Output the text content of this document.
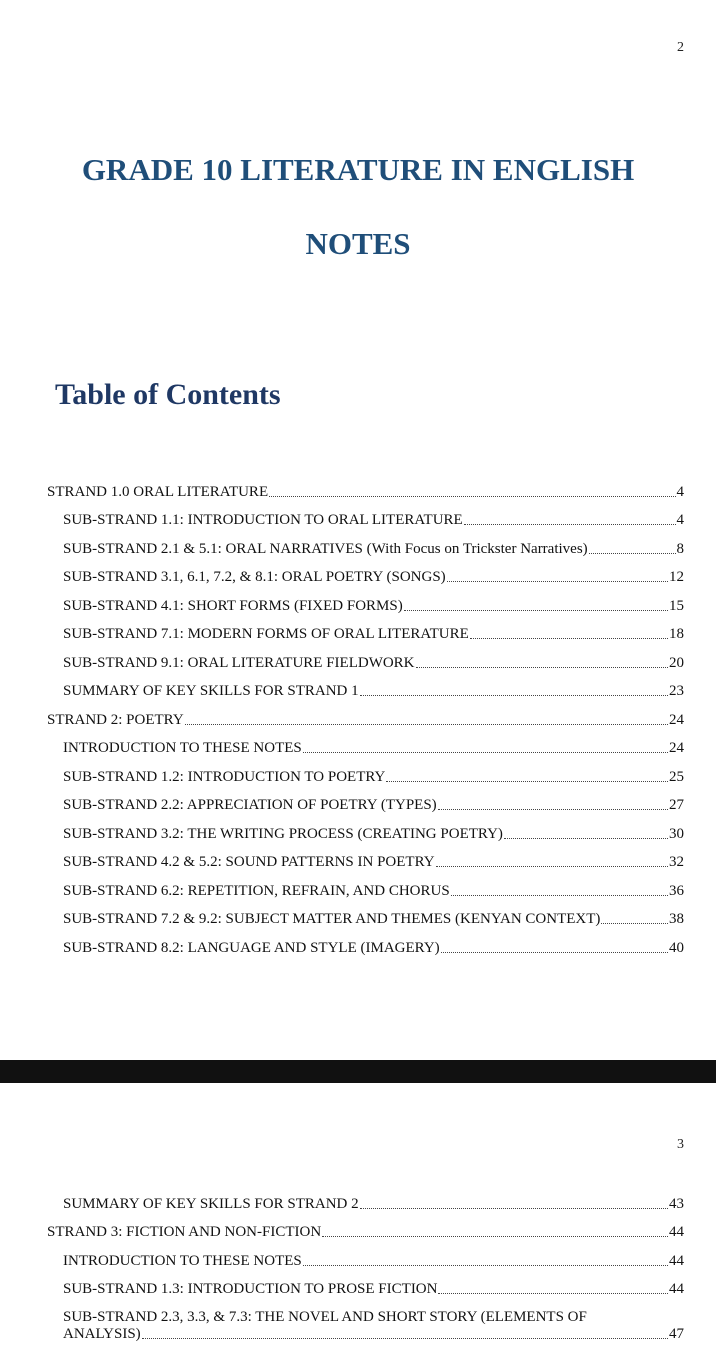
2
GRADE 10 LITERATURE IN ENGLISH
NOTES
Table of Contents
STRAND 1.0 ORAL LITERATURE	4
SUB-STRAND 1.1: INTRODUCTION TO ORAL LITERATURE	4
SUB-STRAND 2.1 & 5.1: ORAL NARRATIVES (With Focus on Trickster Narratives)	8
SUB-STRAND 3.1, 6.1, 7.2, & 8.1: ORAL POETRY (SONGS)	12
SUB-STRAND 4.1: SHORT FORMS (FIXED FORMS)	15
SUB-STRAND 7.1: MODERN FORMS OF ORAL LITERATURE	18
SUB-STRAND 9.1: ORAL LITERATURE FIELDWORK	20
SUMMARY OF KEY SKILLS FOR STRAND 1	23
STRAND 2: POETRY	24
INTRODUCTION TO THESE NOTES	24
SUB-STRAND 1.2: INTRODUCTION TO POETRY	25
SUB-STRAND 2.2: APPRECIATION OF POETRY (TYPES)	27
SUB-STRAND 3.2: THE WRITING PROCESS (CREATING POETRY)	30
SUB-STRAND 4.2 & 5.2: SOUND PATTERNS IN POETRY	32
SUB-STRAND 6.2: REPETITION, REFRAIN, AND CHORUS	36
SUB-STRAND 7.2 & 9.2: SUBJECT MATTER AND THEMES (KENYAN CONTEXT)	38
SUB-STRAND 8.2: LANGUAGE AND STYLE (IMAGERY)	40
3
SUMMARY OF KEY SKILLS FOR STRAND 2	43
STRAND 3: FICTION AND NON-FICTION	44
INTRODUCTION TO THESE NOTES	44
SUB-STRAND 1.3: INTRODUCTION TO PROSE FICTION	44
SUB-STRAND 2.3, 3.3, & 7.3: THE NOVEL AND SHORT STORY (ELEMENTS OF
ANALYSIS)	47
